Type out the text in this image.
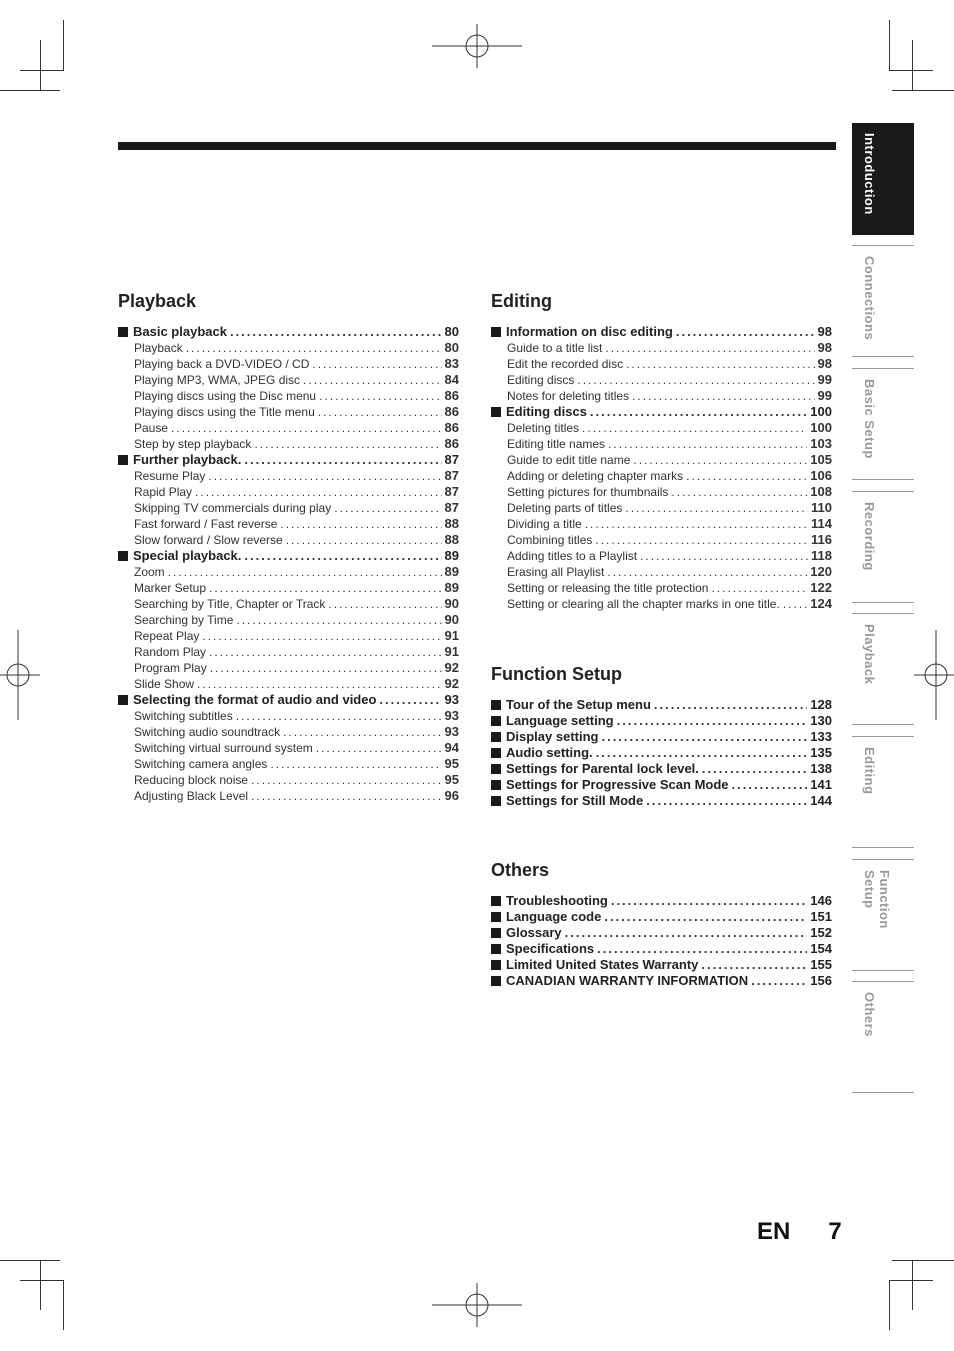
Playback
Basic playback .....	80
Playback .....	80
Playing back a DVD-VIDEO / CD .....	83
Playing MP3, WMA, JPEG disc .....	84
Playing discs using the Disc menu .....	86
Playing discs using the Title menu .....	86
Pause .....	86
Step by step playback .....	86
Further playback. .....	87
Resume Play .....	87
Rapid Play .....	87
Skipping TV commercials during play .....	87
Fast forward / Fast reverse .....	88
Slow forward / Slow reverse .....	88
Special playback. .....	89
Zoom .....	89
Marker Setup .....	89
Searching by Title, Chapter or Track .....	90
Searching by Time .....	90
Repeat Play .....	91
Random Play .....	91
Program Play .....	92
Slide Show .....	92
Selecting the format of audio and video .....	93
Switching subtitles .....	93
Switching audio soundtrack .....	93
Switching virtual surround system .....	94
Switching camera angles .....	95
Reducing block noise .....	95
Adjusting Black Level .....	96
Editing
Information on disc editing .....	98
Guide to a title list .....	98
Edit the recorded disc .....	98
Editing discs .....	99
Notes for deleting titles .....	99
Editing discs .....	100
Deleting titles .....	100
Editing title names .....	103
Guide to edit title name .....	105
Adding or deleting chapter marks .....	106
Setting pictures for thumbnails .....	108
Deleting parts of titles .....	110
Dividing a title .....	114
Combining titles .....	116
Adding titles to a Playlist .....	118
Erasing all Playlist .....	120
Setting or releasing the title protection .....	122
Setting or clearing all the chapter marks in one title. ..... 124
Function Setup
Tour of the Setup menu .....	128
Language setting .....	130
Display setting .....	133
Audio setting. .....	135
Settings for Parental lock level. .....	138
Settings for Progressive Scan Mode .....	141
Settings for Still Mode .....	144
Others
Troubleshooting .....	146
Language code .....	151
Glossary .....	152
Specifications .....	154
Limited United States Warranty .....	155
CANADIAN WARRANTY INFORMATION .....	156
Introduction
Connections
Basic Setup
Recording
Playback
Editing
Function Setup
Others
EN 7
